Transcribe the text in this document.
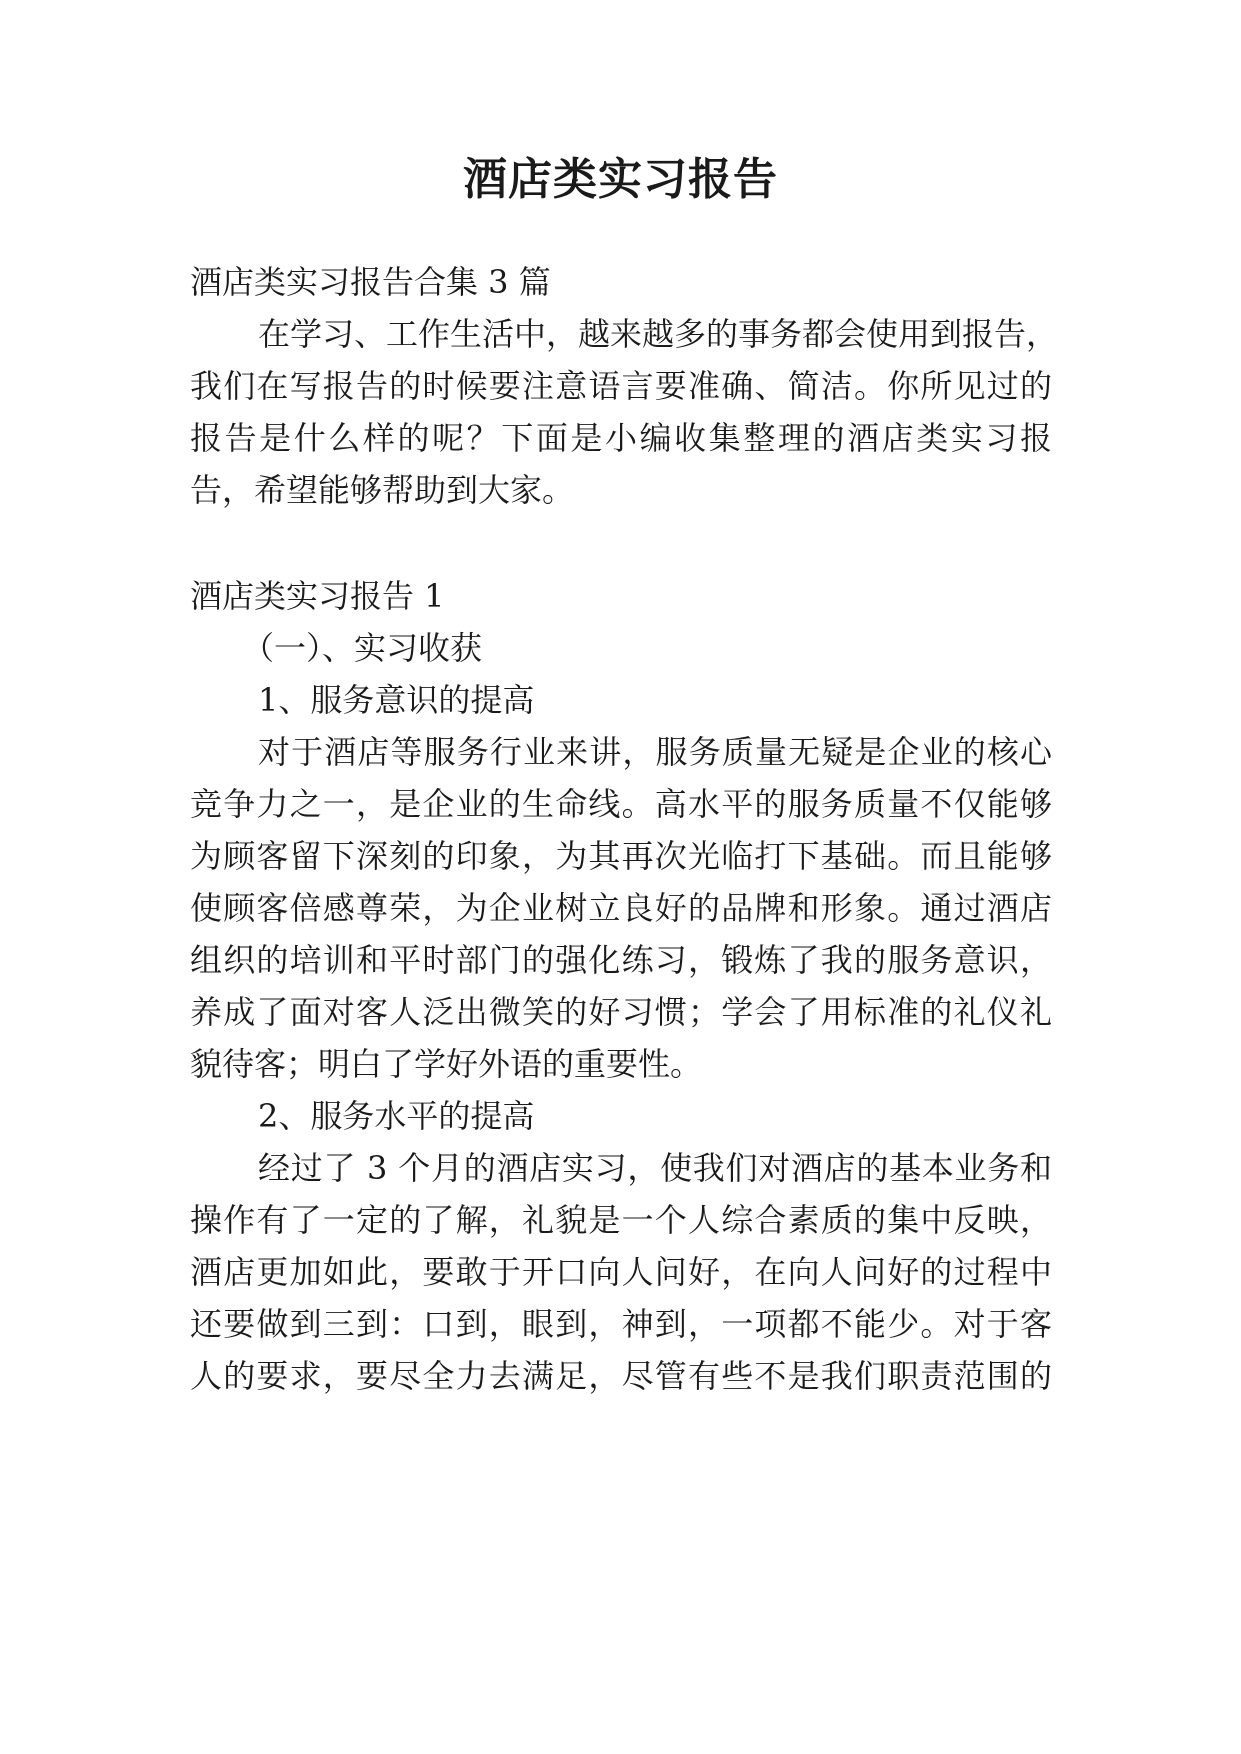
酒店类实习报告
酒店类实习报告合集 3 篇
在学习、工作生活中，越来越多的事务都会使用到报告，
我们在写报告的时候要注意语言要准确、简洁。你所见过的
报告是什么样的呢？下面是小编收集整理的酒店类实习报
告，希望能够帮助到大家。
酒店类实习报告 1
（一）、实习收获
1、服务意识的提高
对于酒店等服务行业来讲，服务质量无疑是企业的核心
竞争力之一，是企业的生命线。高水平的服务质量不仅能够
为顾客留下深刻的印象，为其再次光临打下基础。而且能够
使顾客倍感尊荣，为企业树立良好的品牌和形象。通过酒店
组织的培训和平时部门的强化练习，锻炼了我的服务意识，
养成了面对客人泛出微笑的好习惯；学会了用标准的礼仪礼
貌待客；明白了学好外语的重要性。
2、服务水平的提高
经过了 3 个月的酒店实习，使我们对酒店的基本业务和
操作有了一定的了解，礼貌是一个人综合素质的集中反映，
酒店更加如此，要敢于开口向人问好，在向人问好的过程中
还要做到三到：口到，眼到，神到，一项都不能少。对于客
人的要求，要尽全力去满足，尽管有些不是我们职责范围的
